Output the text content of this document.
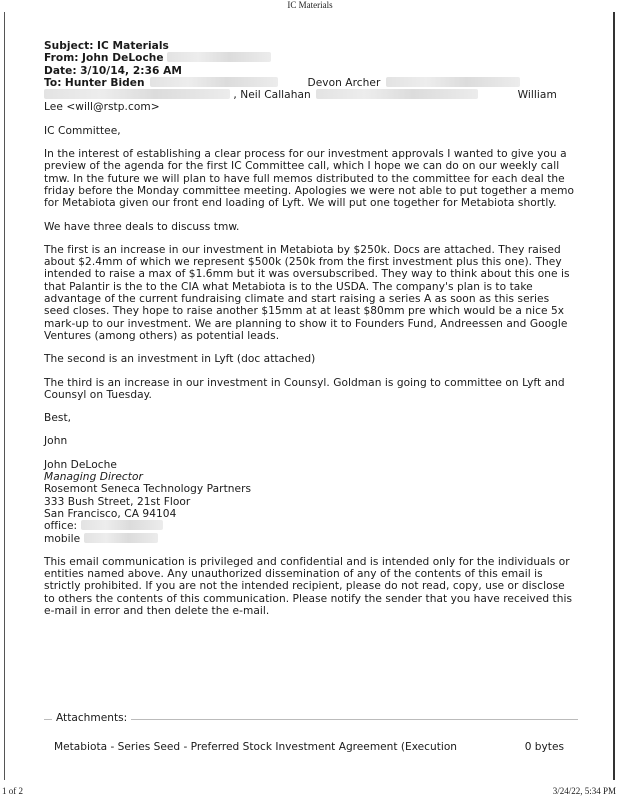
IC Materials
Subject: IC Materials
From: John DeLoche
Date: 3/10/14, 2:36 AM
To: Hunter Biden	Devon Archer
, Neil Callahan	William
Lee <will@rstp.com>

IC Committee,

In the interest of establishing a clear process for our investment approvals I wanted to give you a preview of the agenda for the first IC Committee call, which I hope we can do on our weekly call tmw. In the future we will plan to have full memos distributed to the committee for each deal the friday before the Monday committee meeting. Apologies we were not able to put together a memo for Metabiota given our front end loading of Lyft. We will put one together for Metabiota shortly.

We have three deals to discuss tmw.

The first is an increase in our investment in Metabiota by $250k. Docs are attached. They raised about $2.4mm of which we represent $500k (250k from the first investment plus this one). They intended to raise a max of $1.6mm but it was oversubscribed. They way to think about this one is that Palantir is the to the CIA what Metabiota is to the USDA. The company's plan is to take advantage of the current fundraising climate and start raising a series A as soon as this series seed closes. They hope to raise another $15mm at at least $80mm pre which would be a nice 5x mark-up to our investment. We are planning to show it to Founders Fund, Andreessen and Google Ventures (among others) as potential leads.

The second is an investment in Lyft (doc attached)

The third is an increase in our investment in Counsyl. Goldman is going to committee on Lyft and Counsyl on Tuesday.

Best,

John

John DeLoche
Managing Director
Rosemont Seneca Technology Partners
333 Bush Street, 21st Floor
San Francisco, CA 94104
office:
mobile

This email communication is privileged and confidential and is intended only for the individuals or entities named above. Any unauthorized dissemination of any of the contents of this email is strictly prohibited. If you are not the intended recipient, please do not read, copy, use or disclose to others the contents of this communication. Please notify the sender that you have received this e-mail in error and then delete the e-mail.

Attachments:
Metabiota - Series Seed - Preferred Stock Investment Agreement (Execution	0 bytes
1 of 2	3/24/22, 5:34 PM
